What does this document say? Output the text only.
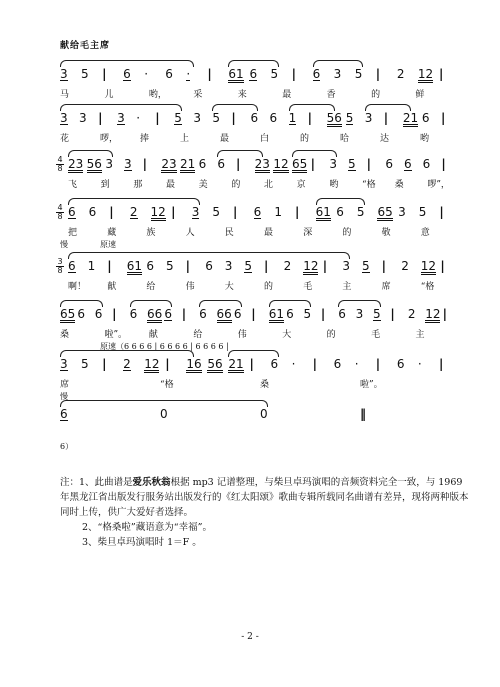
献给毛主席
3 5 | 6 · 6 · | 61 6 5 | 6 3 5 | 2 12 |
马	儿	哟，	采	来	最	香	的	鲜
3 3 | 3 · | 5 3 5 | 6 6 1 | 56 5 3 | 21 6 |
花	啰， 捧	上	最	白	的	哈	达	哟
4
8 23 56 3 3 | 23 21 6 6 | 23 12 65 | 3 5 | 6 6 6 |
飞	到	那	最	美	的	北	京	哟	“格 桑	啰”，
4
8 6 6 | 2 12 | 3 5 | 6 1 | 61 6 5 65 3 5 |
把	藏	族	人	民	最	深	的	敬	意
慢	原速
3
8 6 1 | 61 6 5 | 6 3 5 | 2 12 | 3 5 | 2 12 |
啊！ 献	给	伟	大	的	毛	主	席	“格
65 6 6 | 6 66 6 | 6 66 6 | 61 6 5 | 6 3 5 | 2 12 |
桑	啦”。 献	给	伟	大	的	毛	主
原速（6 6 6 6 | 6 6 6 6 | 6 6 6 6 |
3 5 | 2 12 | 16 56 21 | 6 · | 6 · | 6 · |
席	“格	桑	啦”。
慢
6	0	0	‖
6）

注：1、此曲谱是爱乐秋翁根据 mp3 记谱整理，与柴旦卓玛演唱的音频资料完全一致，与 1969 年黑龙江省出版发行服务站出版发行的《红太阳颂》歌曲专辑所载同名曲谱有差异，现将两种版本同时上传，供广大爱好者选择。

2、“格桑啦”藏语意为“幸福”。

3、柴旦卓玛演唱时 1＝F 。

- 2 -
